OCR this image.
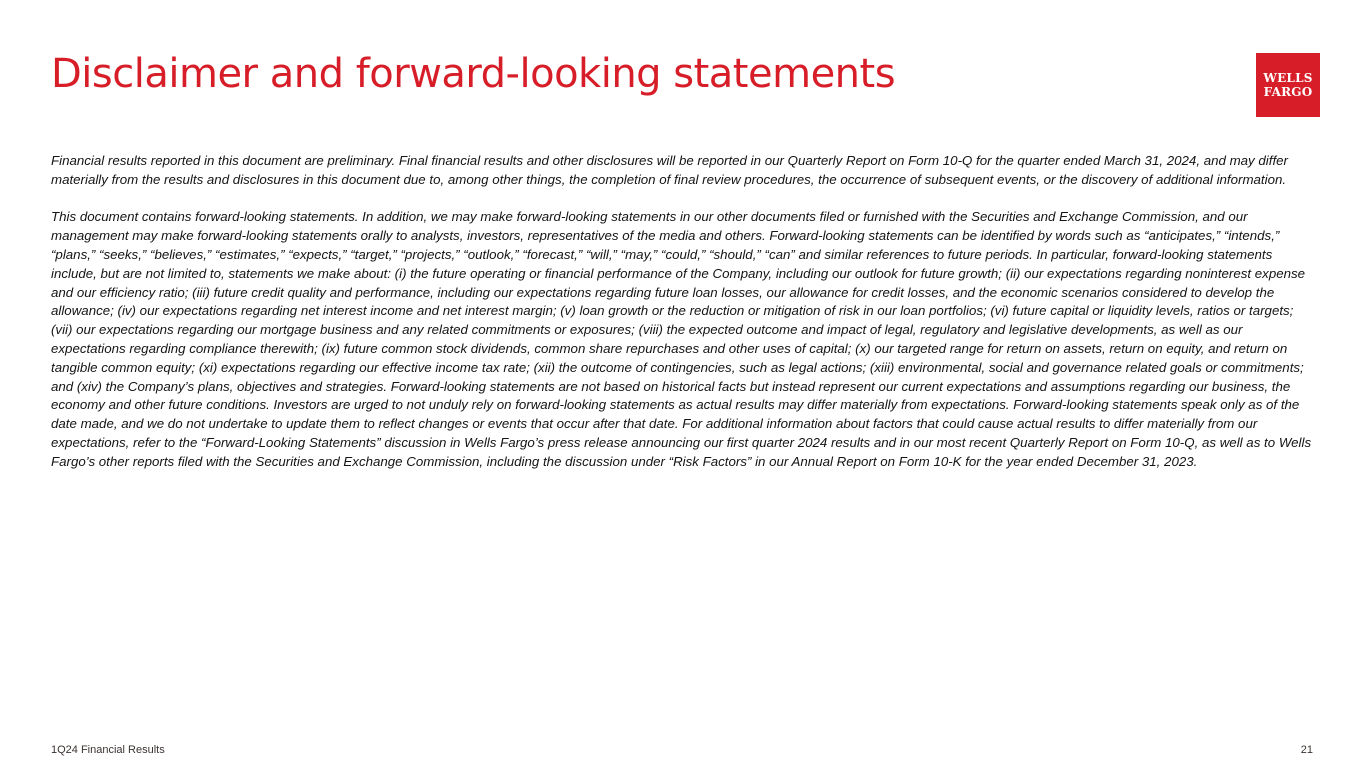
Disclaimer and forward-looking statements	WELLS
FARGO

Financial results reported in this document are preliminary. Final financial results and other disclosures will be reported in our Quarterly Report on Form 10-Q for the quarter ended March 31, 2024, and may differ materially from the results and disclosures in this document due to, among other things, the completion of final review procedures, the occurrence of subsequent events, or the discovery of additional information.

This document contains forward-looking statements. In addition, we may make forward-looking statements in our other documents filed or furnished with the Securities and Exchange Commission, and our management may make forward-looking statements orally to analysts, investors, representatives of the media and others. Forward-looking statements can be identified by words such as “anticipates,” “intends,” “plans,” “seeks,” “believes,” “estimates,” “expects,” “target,” “projects,” “outlook,” “forecast,” “will,” “may,” “could,” “should,” “can” and similar references to future periods. In particular, forward-looking statements include, but are not limited to, statements we make about: (i) the future operating or financial performance of the Company, including our outlook for future growth; (ii) our expectations regarding noninterest expense and our efficiency ratio; (iii) future credit quality and performance, including our expectations regarding future loan losses, our allowance for credit losses, and the economic scenarios considered to develop the allowance; (iv) our expectations regarding net interest income and net interest margin; (v) loan growth or the reduction or mitigation of risk in our loan portfolios; (vi) future capital or liquidity levels, ratios or targets; (vii) our expectations regarding our mortgage business and any related commitments or exposures; (viii) the expected outcome and impact of legal, regulatory and legislative developments, as well as our expectations regarding compliance therewith; (ix) future common stock dividends, common share repurchases and other uses of capital; (x) our targeted range for return on assets, return on equity, and return on tangible common equity; (xi) expectations regarding our effective income tax rate; (xii) the outcome of contingencies, such as legal actions; (xiii) environmental, social and governance related goals or commitments; and (xiv) the Company’s plans, objectives and strategies. Forward-looking statements are not based on historical facts but instead represent our current expectations and assumptions regarding our business, the economy and other future conditions. Investors are urged to not unduly rely on forward-looking statements as actual results may differ materially from expectations. Forward-looking statements speak only as of the date made, and we do not undertake to update them to reflect changes or events that occur after that date. For additional information about factors that could cause actual results to differ materially from our expectations, refer to the “Forward-Looking Statements” discussion in Wells Fargo’s press release announcing our first quarter 2024 results and in our most recent Quarterly Report on Form 10-Q, as well as to Wells Fargo’s other reports filed with the Securities and Exchange Commission, including the discussion under “Risk Factors” in our Annual Report on Form 10-K for the year ended December 31, 2023.

1Q24 Financial Results	21
